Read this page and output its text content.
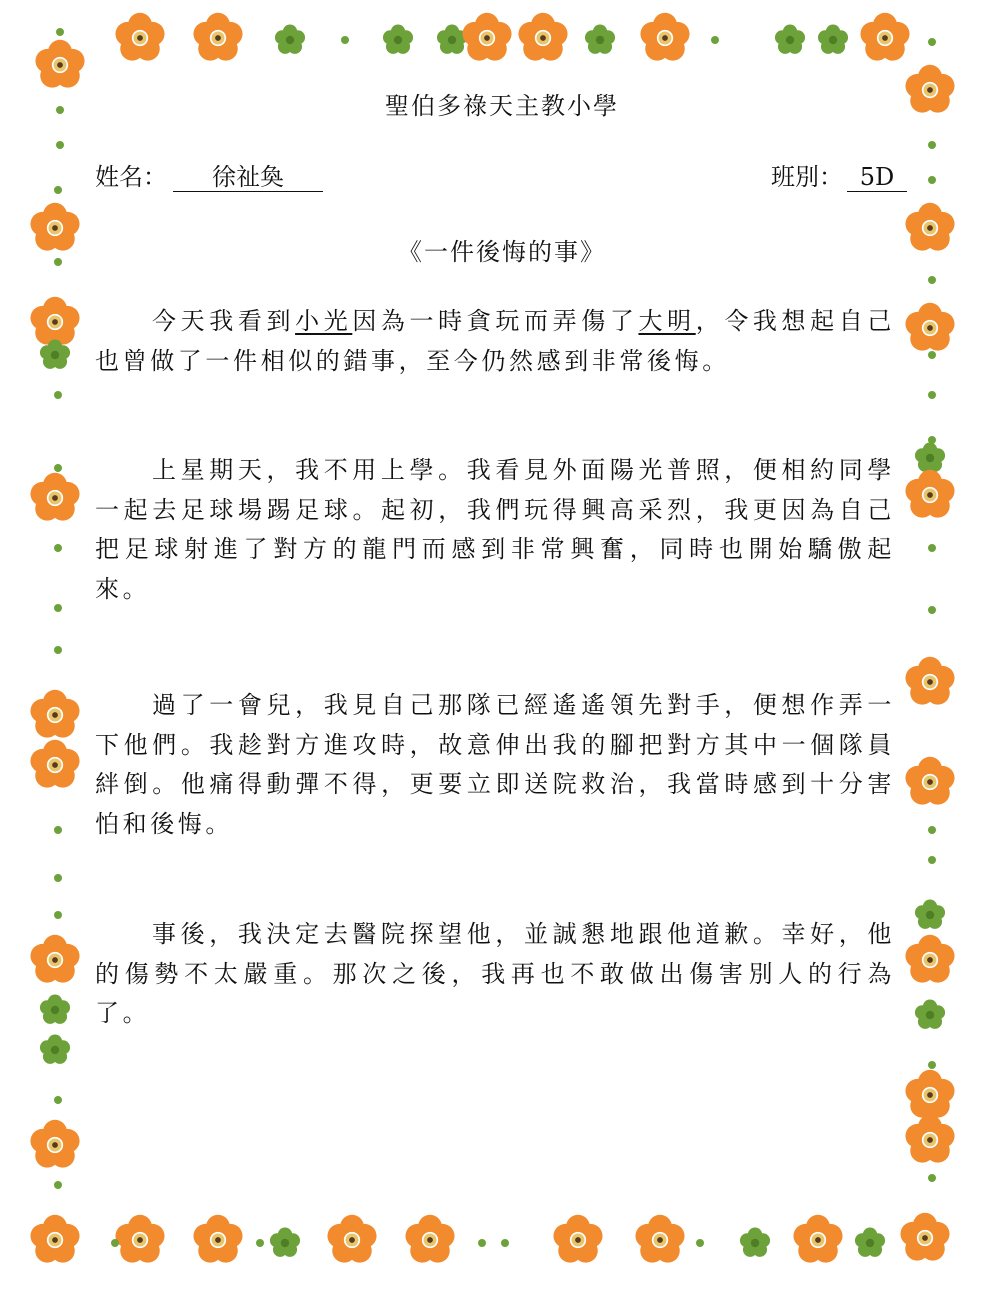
聖伯多祿天主教小學
姓名： 徐祉奐	班別： 5D
《一件後悔的事》

今天我看到小光因為一時貪玩而弄傷了大明，令我想起自己也曾做了一件相似的錯事，至今仍然感到非常後悔。

上星期天，我不用上學。我看見外面陽光普照，便相約同學一起去足球場踢足球。起初，我們玩得興高采烈，我更因為自己把足球射進了對方的龍門而感到非常興奮，同時也開始驕傲起來。

過了一會兒，我見自己那隊已經遙遙領先對手，便想作弄一下他們。我趁對方進攻時，故意伸出我的腳把對方其中一個隊員絆倒。他痛得動彈不得，更要立即送院救治，我當時感到十分害怕和後悔。

事後，我決定去醫院探望他，並誠懇地跟他道歉。幸好，他的傷勢不太嚴重。那次之後，我再也不敢做出傷害別人的行為了。
